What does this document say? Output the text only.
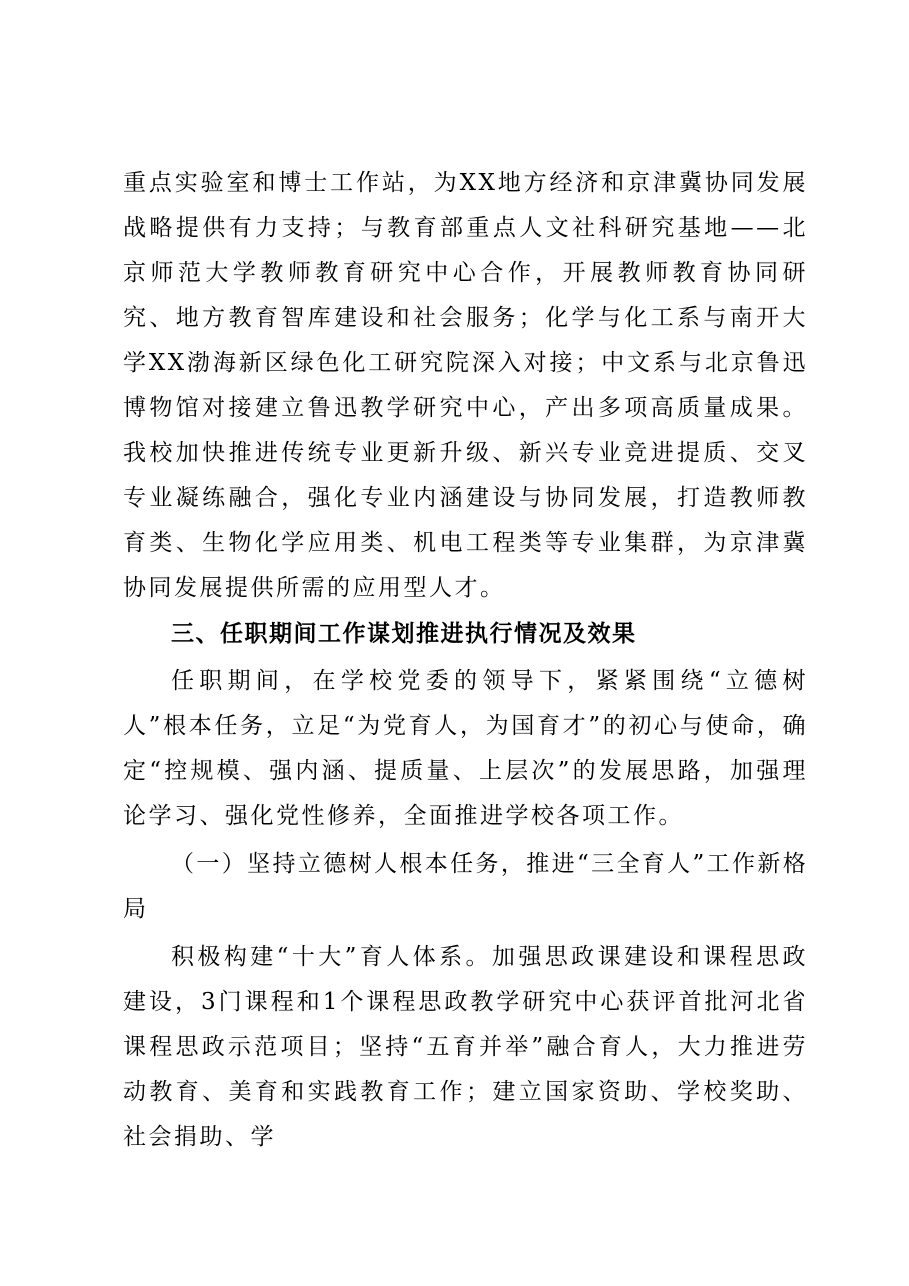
重点实验室和博士工作站，为XX地方经济和京津冀协同发展战略提供有力支持；与教育部重点人文社科研究基地——北京师范大学教师教育研究中心合作，开展教师教育协同研究、地方教育智库建设和社会服务；化学与化工系与南开大学XX渤海新区绿色化工研究院深入对接；中文系与北京鲁迅博物馆对接建立鲁迅教学研究中心，产出多项高质量成果。我校加快推进传统专业更新升级、新兴专业竞进提质、交叉专业凝练融合，强化专业内涵建设与协同发展，打造教师教育类、生物化学应用类、机电工程类等专业集群，为京津冀协同发展提供所需的应用型人才。

三、任职期间工作谋划推进执行情况及效果

任职期间，在学校党委的领导下，紧紧围绕“立德树人”根本任务，立足“为党育人，为国育才”的初心与使命，确定“控规模、强内涵、提质量、上层次”的发展思路，加强理论学习、强化党性修养，全面推进学校各项工作。

（一）坚持立德树人根本任务，推进“三全育人”工作新格局

积极构建“十大”育人体系。加强思政课建设和课程思政建设，3门课程和1个课程思政教学研究中心获评首批河北省课程思政示范项目；坚持“五育并举”融合育人，大力推进劳动教育、美育和实践教育工作；建立国家资助、学校奖助、社会捐助、学
